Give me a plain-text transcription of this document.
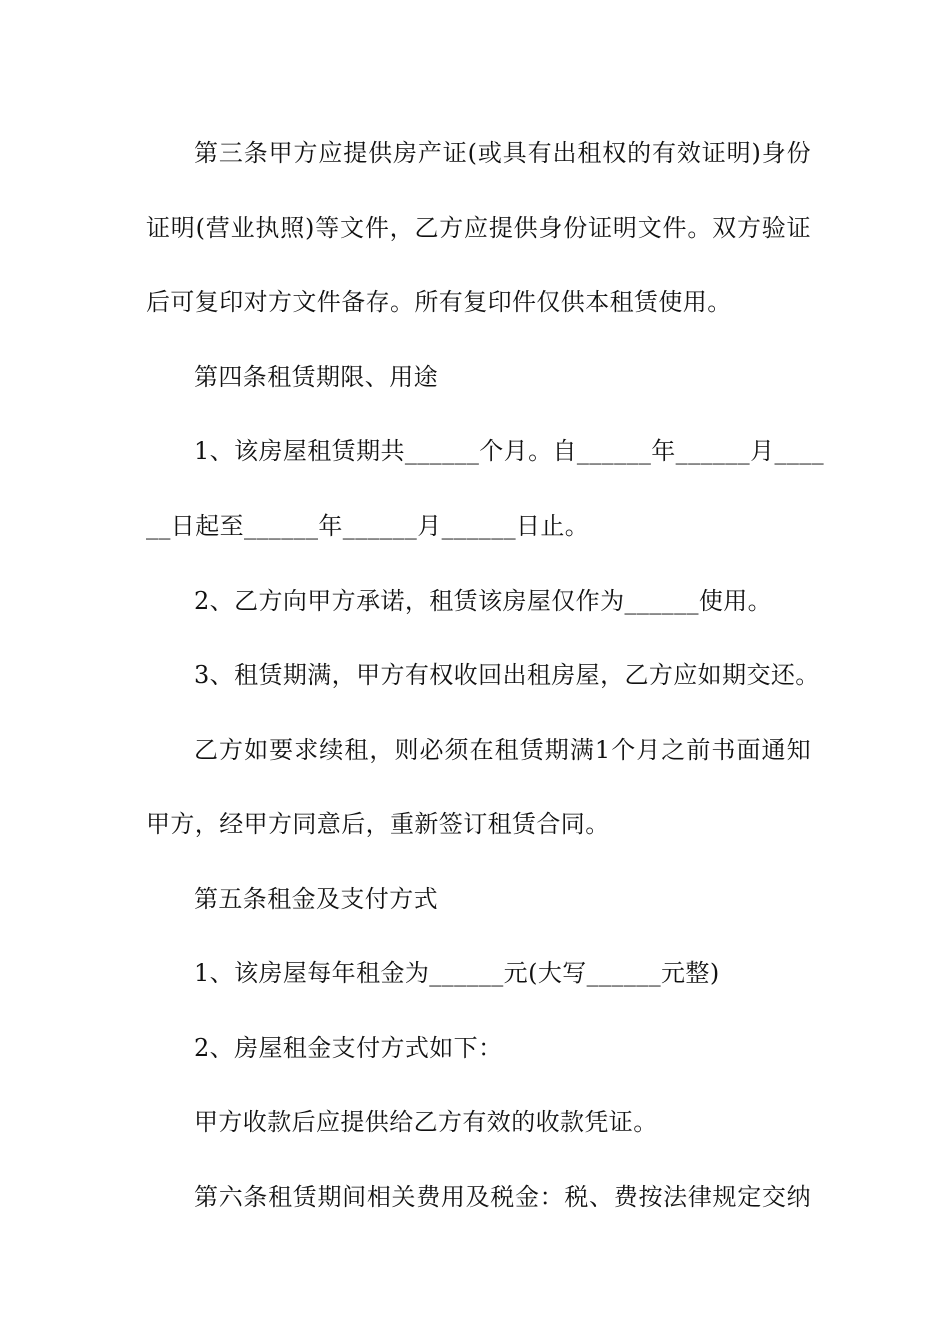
第三条甲方应提供房产证(或具有出租权的有效证明)身份
证明(营业执照)等文件，乙方应提供身份证明文件。双方验证
后可复印对方文件备存。所有复印件仅供本租赁使用。
第四条租赁期限、用途
1、该房屋租赁期共______个月。自______年______月____
__日起至______年______月______日止。
2、乙方向甲方承诺，租赁该房屋仅作为______使用。
3、租赁期满，甲方有权收回出租房屋，乙方应如期交还。
乙方如要求续租，则必须在租赁期满1个月之前书面通知
甲方，经甲方同意后，重新签订租赁合同。
第五条租金及支付方式
1、该房屋每年租金为______元(大写______元整)
2、房屋租金支付方式如下：
甲方收款后应提供给乙方有效的收款凭证。
第六条租赁期间相关费用及税金：税、费按法律规定交纳
